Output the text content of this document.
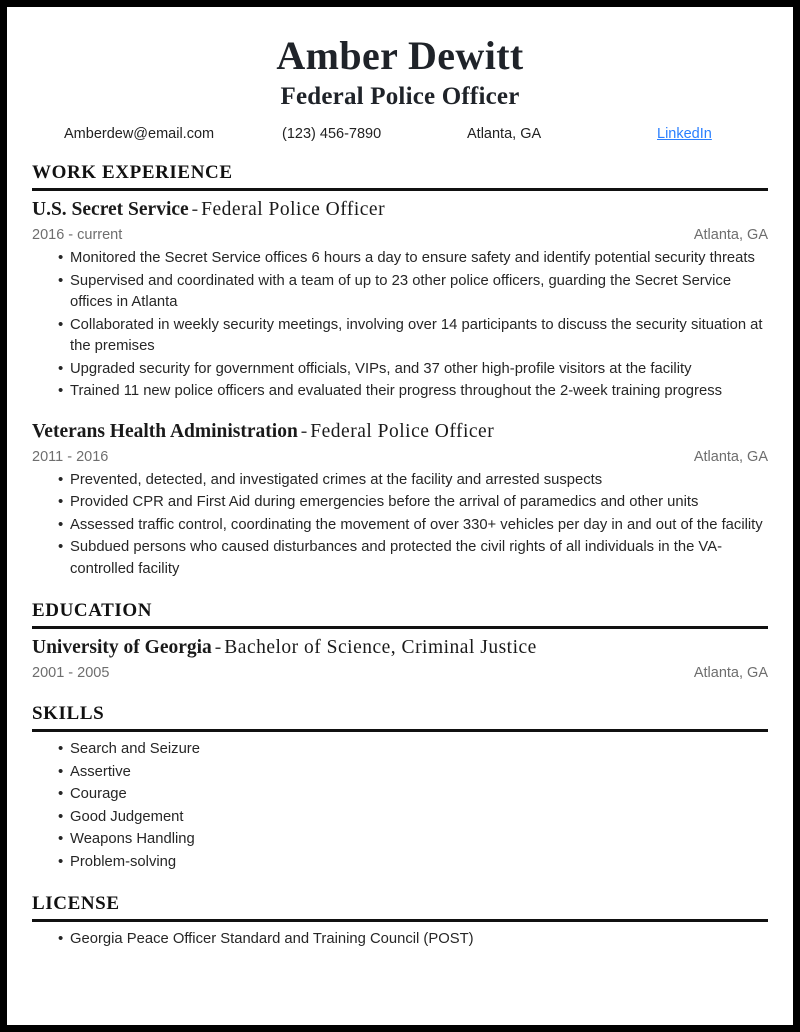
Amber Dewitt
Federal Police Officer
Amberdew@email.com	(123) 456-7890	Atlanta, GA	LinkedIn
WORK EXPERIENCE
U.S. Secret Service - Federal Police Officer
2016 - current	Atlanta, GA
• Monitored the Secret Service offices 6 hours a day to ensure safety and identify potential security threats
• Supervised and coordinated with a team of up to 23 other police officers, guarding the Secret Service offices in Atlanta
• Collaborated in weekly security meetings, involving over 14 participants to discuss the security situation at the premises
• Upgraded security for government officials, VIPs, and 37 other high-profile visitors at the facility
• Trained 11 new police officers and evaluated their progress throughout the 2-week training progress
Veterans Health Administration - Federal Police Officer
2011 - 2016	Atlanta, GA
• Prevented, detected, and investigated crimes at the facility and arrested suspects
• Provided CPR and First Aid during emergencies before the arrival of paramedics and other units
• Assessed traffic control, coordinating the movement of over 330+ vehicles per day in and out of the facility
• Subdued persons who caused disturbances and protected the civil rights of all individuals in the VA-controlled facility
EDUCATION
University of Georgia - Bachelor of Science, Criminal Justice
2001 - 2005	Atlanta, GA
SKILLS
• Search and Seizure
• Assertive
• Courage
• Good Judgement
• Weapons Handling
• Problem-solving
LICENSE
• Georgia Peace Officer Standard and Training Council (POST)
